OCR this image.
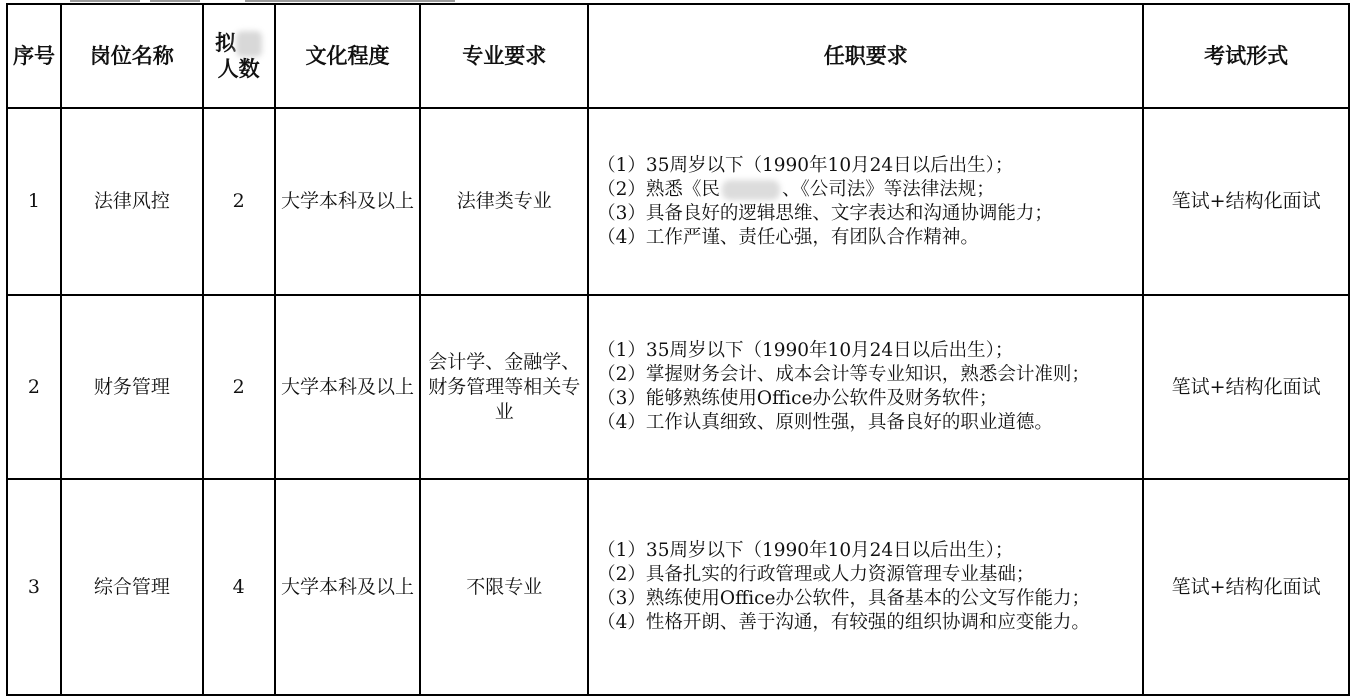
序号	岗位名称	拟
人数	文化程度	专业要求	任职要求	考试形式
1	法律风控	2	大学本科及以上	法律类专业	（1）35周岁以下（1990年10月24日以后出生）；
（2）熟悉《民 、《公司法》等法律法规；
（3）具备良好的逻辑思维、文字表达和沟通协调能力；
（4）工作严谨、责任心强，有团队合作精神。	笔试+结构化面试
2	财务管理	2	大学本科及以上	会计学、金融学、财务管理等相关专业	（1）35周岁以下（1990年10月24日以后出生）；
（2）掌握财务会计、成本会计等专业知识，熟悉会计准则；
（3）能够熟练使用Office办公软件及财务软件；
（4）工作认真细致、原则性强，具备良好的职业道德。	笔试+结构化面试
3	综合管理	4	大学本科及以上	不限专业	（1）35周岁以下（1990年10月24日以后出生）；
（2）具备扎实的行政管理或人力资源管理专业基础；
（3）熟练使用Office办公软件，具备基本的公文写作能力；
（4）性格开朗、善于沟通，有较强的组织协调和应变能力。	笔试+结构化面试
